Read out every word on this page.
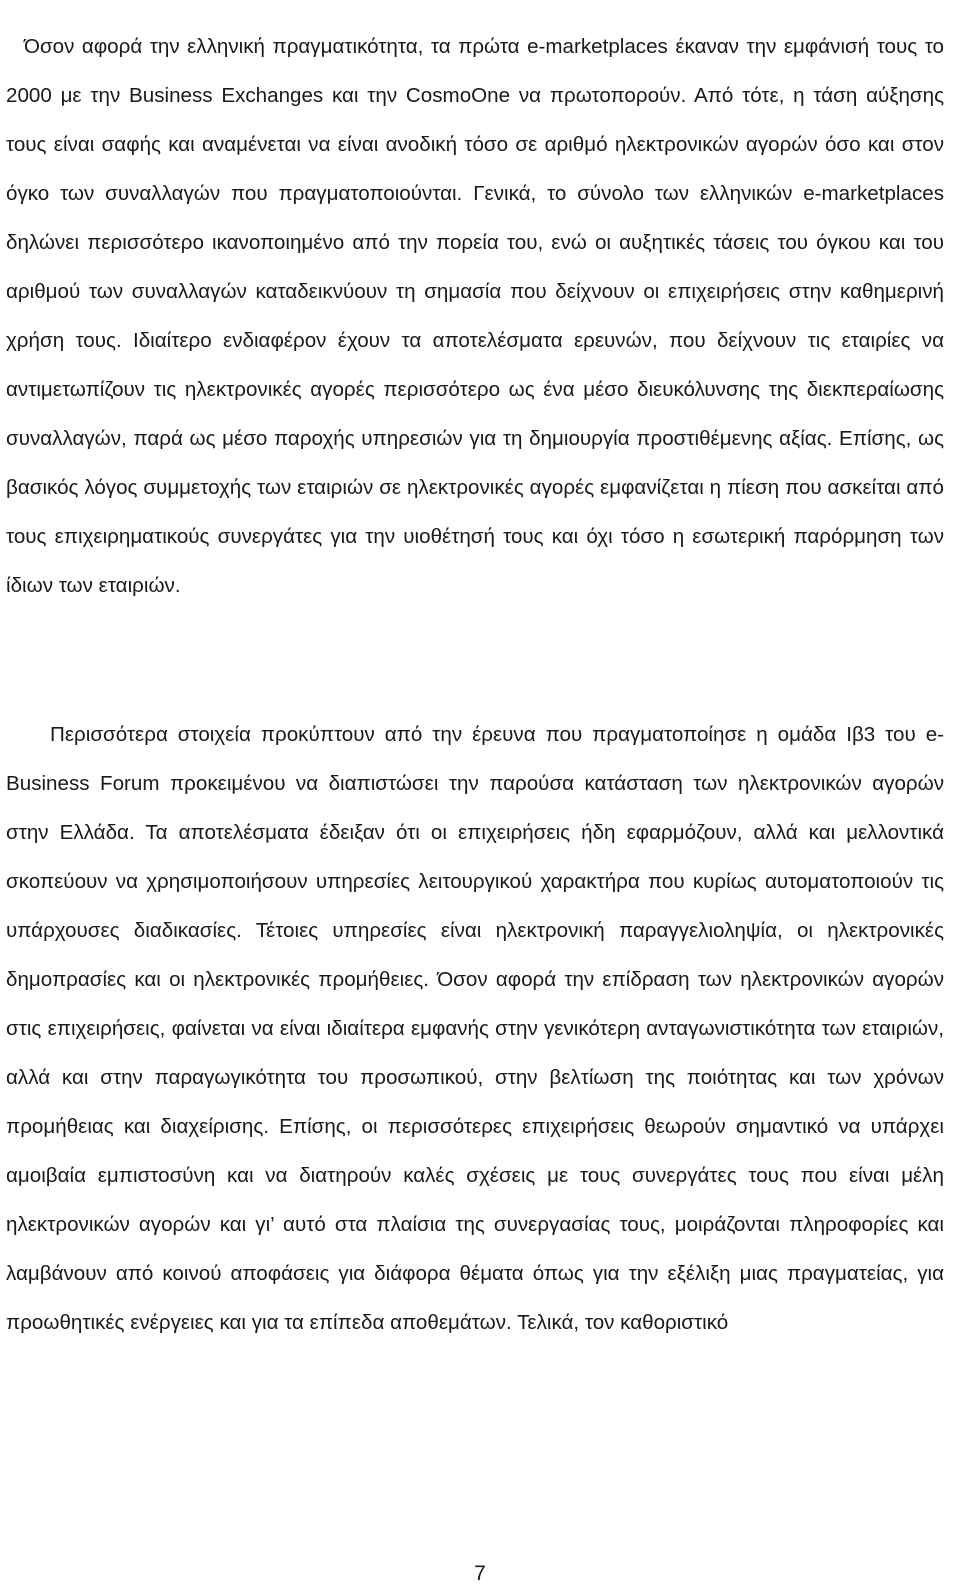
Όσον αφορά την ελληνική πραγματικότητα, τα πρώτα e-marketplaces έκαναν την εμφάνισή τους το 2000 με την Business Exchanges και την CosmoOne να πρωτοπορούν. Από τότε, η τάση αύξησης τους είναι σαφής και αναμένεται να είναι ανοδική τόσο σε αριθμό ηλεκτρονικών αγορών όσο και στον όγκο των συναλλαγών που πραγματοποιούνται. Γενικά, το σύνολο των ελληνικών e-marketplaces δηλώνει περισσότερο ικανοποιημένο από την πορεία του, ενώ οι αυξητικές τάσεις του όγκου και του αριθμού των συναλλαγών καταδεικνύουν τη σημασία που δείχνουν οι επιχειρήσεις στην καθημερινή χρήση τους. Ιδιαίτερο ενδιαφέρον έχουν τα αποτελέσματα ερευνών, που δείχνουν τις εταιρίες να αντιμετωπίζουν τις ηλεκτρονικές αγορές περισσότερο ως ένα μέσο διευκόλυνσης της διεκπεραίωσης συναλλαγών, παρά ως μέσο παροχής υπηρεσιών για τη δημιουργία προστιθέμενης αξίας. Επίσης, ως βασικός λόγος συμμετοχής των εταιριών σε ηλεκτρονικές αγορές εμφανίζεται η πίεση που ασκείται από τους επιχειρηματικούς συνεργάτες για την υιοθέτησή τους και όχι τόσο η εσωτερική παρόρμηση των ίδιων των εταιριών.

Περισσότερα στοιχεία προκύπτουν από την έρευνα που πραγματοποίησε η ομάδα Ιβ3 του e-Business Forum προκειμένου να διαπιστώσει την παρούσα κατάσταση των ηλεκτρονικών αγορών στην Ελλάδα. Τα αποτελέσματα έδειξαν ότι οι επιχειρήσεις ήδη εφαρμόζουν, αλλά και μελλοντικά σκοπεύουν να χρησιμοποιήσουν υπηρεσίες λειτουργικού χαρακτήρα που κυρίως αυτοματοποιούν τις υπάρχουσες διαδικασίες. Τέτοιες υπηρεσίες είναι ηλεκτρονική παραγγελιοληψία, οι ηλεκτρονικές δημοπρασίες και οι ηλεκτρονικές προμήθειες. Όσον αφορά την επίδραση των ηλεκτρονικών αγορών στις επιχειρήσεις, φαίνεται να είναι ιδιαίτερα εμφανής στην γενικότερη ανταγωνιστικότητα των εταιριών, αλλά και στην παραγωγικότητα του προσωπικού, στην βελτίωση της ποιότητας και των χρόνων προμήθειας και διαχείρισης. Επίσης, οι περισσότερες επιχειρήσεις θεωρούν σημαντικό να υπάρχει αμοιβαία εμπιστοσύνη και να διατηρούν καλές σχέσεις με τους συνεργάτες τους που είναι μέλη ηλεκτρονικών αγορών και γι’ αυτό στα πλαίσια της συνεργασίας τους, μοιράζονται πληροφορίες και λαμβάνουν από κοινού αποφάσεις για διάφορα θέματα όπως για την εξέλιξη μιας πραγματείας, για προωθητικές ενέργειες και για τα επίπεδα αποθεμάτων. Τελικά, τον καθοριστικό

7
